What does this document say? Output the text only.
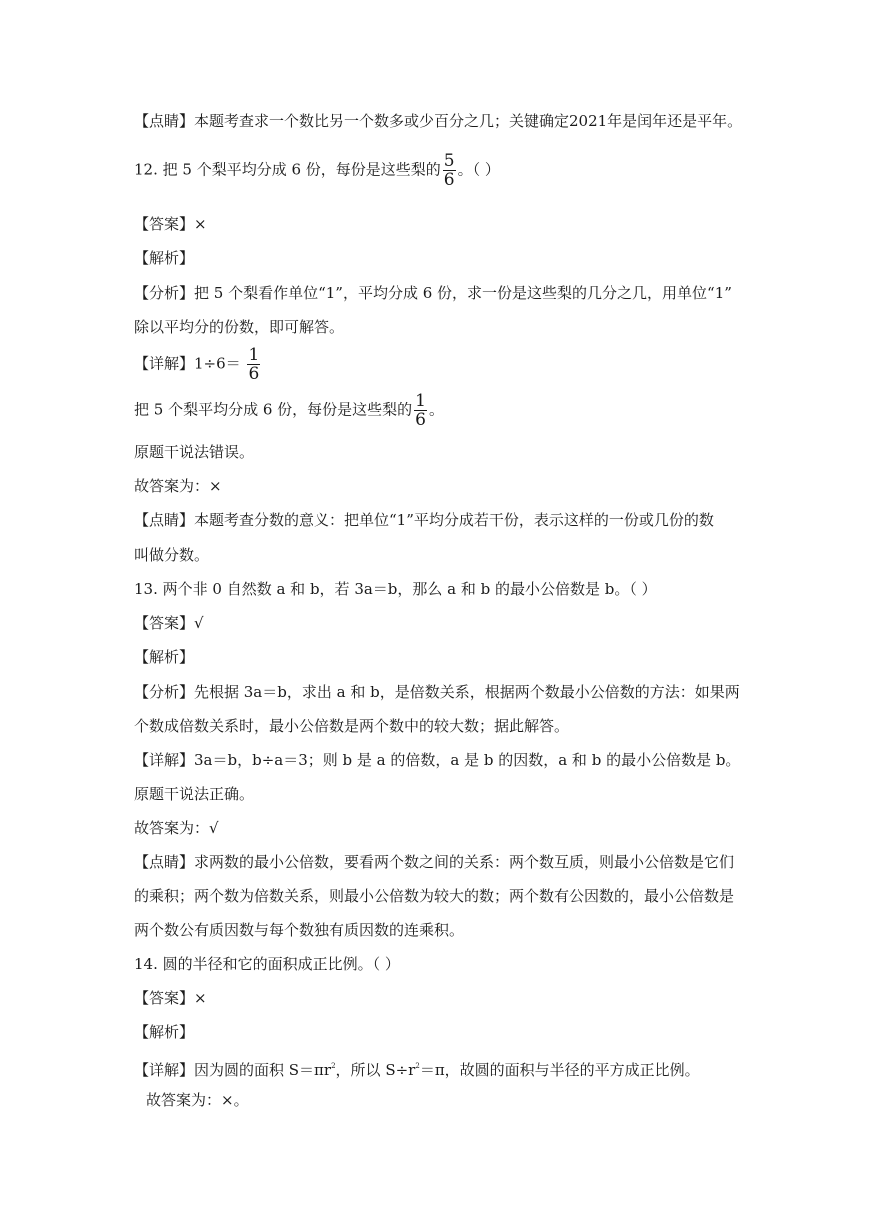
【点睛】本题考查求一个数比另一个数多或少百分之几；关键确定2021年是闰年还是平年。
12. 把 5 个梨平均分成 6 份，每份是这些梨的 $\frac{5}{6}$ 。（ ）
【答案】×
【解析】
【分析】把 5 个梨看作单位“1”，平均分成 6 份，求一份是这些梨的几分之几，用单位“1”
除以平均分的份数，即可解答。
【详解】$1\div 6= \frac{1}{6}$
把 5 个梨平均分成 6 份，每份是这些梨的 $\frac{1}{6}$ 。
原题干说法错误。
故答案为：×
【点睛】本题考查分数的意义：把单位“1”平均分成若干份，表示这样的一份或几份的数
叫做分数。
13. 两个非 0 自然数 a 和 b，若 3a＝b，那么 a 和 b 的最小公倍数是 b。（ ）
【答案】√
【解析】
【分析】先根据 3a＝b，求出 a 和 b，是倍数关系，根据两个数最小公倍数的方法：如果两
个数成倍数关系时，最小公倍数是两个数中的较大数；据此解答。
【详解】3a＝b，b÷a＝3；则 b 是 a 的倍数，a 是 b 的因数，a 和 b 的最小公倍数是 b。
原题干说法正确。
故答案为：√
【点睛】求两数的最小公倍数，要看两个数之间的关系：两个数互质，则最小公倍数是它们
的乘积；两个数为倍数关系，则最小公倍数为较大的数；两个数有公因数的，最小公倍数是
两个数公有质因数与每个数独有质因数的连乘积。
14. 圆的半径和它的面积成正比例。（ ）
【答案】×
【解析】
【详解】因为圆的面积 $S=\pi r^2$，所以 $S\div r^2=\pi$，故圆的面积与半径的平方成正比例。
故答案为：×。
